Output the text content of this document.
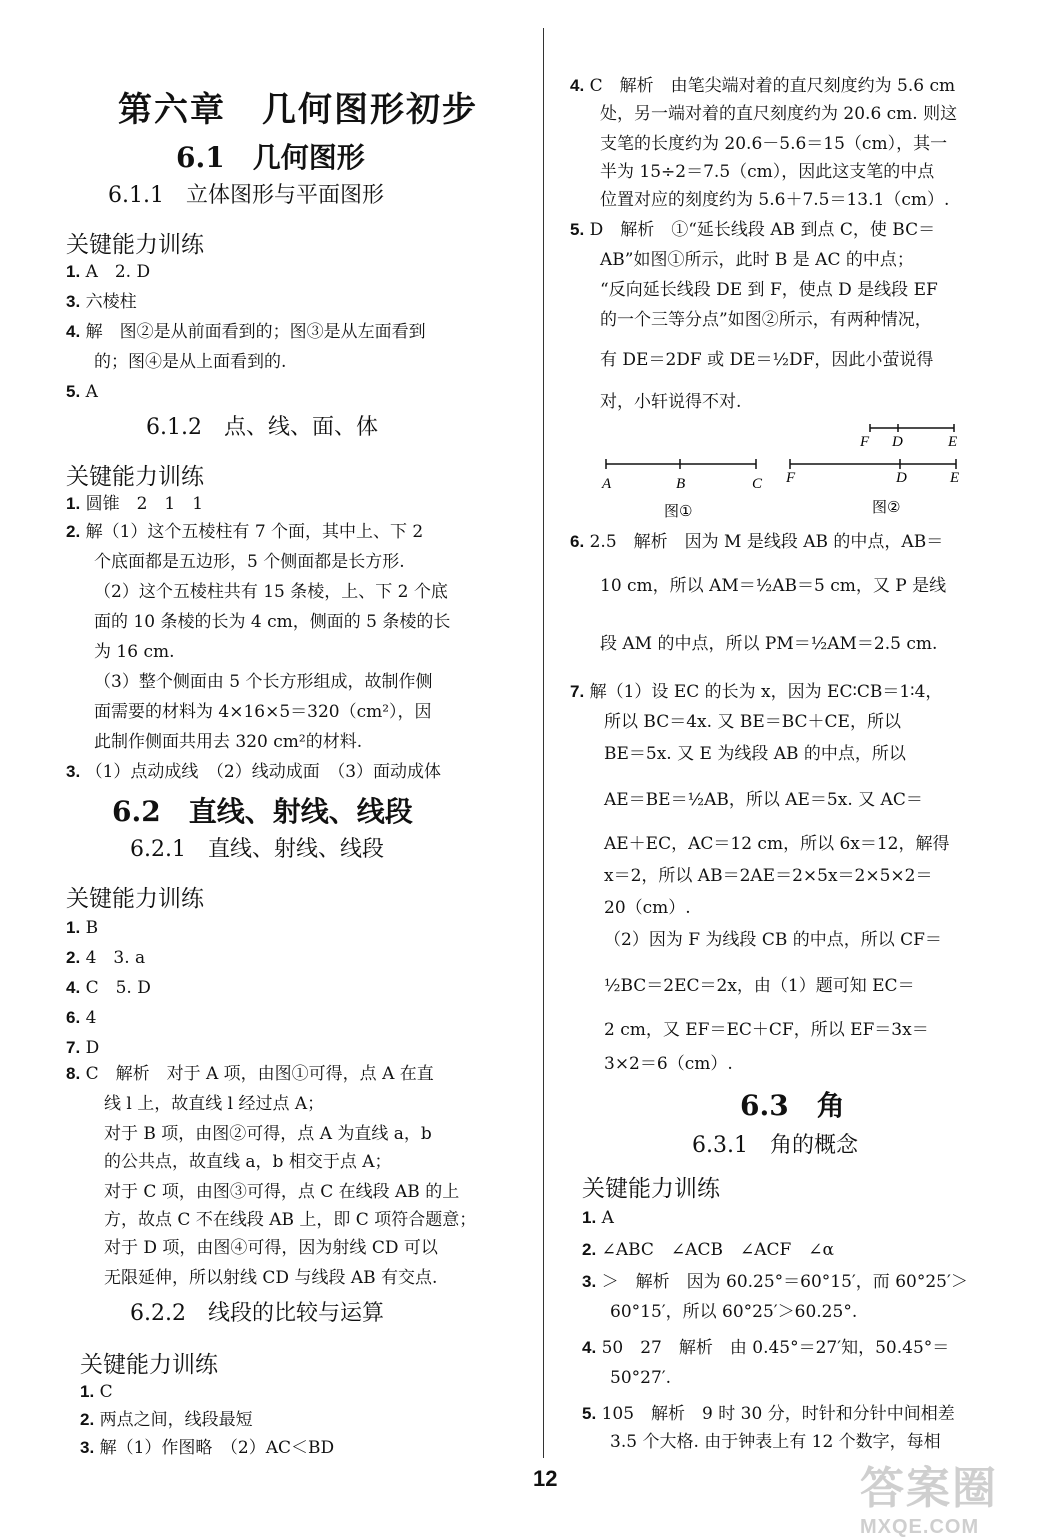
第六章　几何图形初步
6.1　几何图形
6.1.1　立体图形与平面图形
关键能力训练
1. A　2. D
3. 六棱柱
4. 解　图②是从前面看到的；图③是从左面看到
的；图④是从上面看到的.
5. A
6.1.2　点、线、面、体
关键能力训练
1. 圆锥　2　1　1
2. 解（1）这个五棱柱有 7 个面，其中上、下 2
个底面都是五边形，5 个侧面都是长方形.
（2）这个五棱柱共有 15 条棱，上、下 2 个底
面的 10 条棱的长为 4 cm，侧面的 5 条棱的长
为 16 cm.
（3）整个侧面由 5 个长方形组成，故制作侧
面需要的材料为 4×16×5＝320（cm²），因
此制作侧面共用去 320 cm²的材料.
3. （1）点动成线　（2）线动成面　（3）面动成体
6.2　直线、射线、线段
6.2.1　直线、射线、线段
关键能力训练
1. B
2. 4　3. a
4. C　5. D
6. 4
7. D
8. C　解析　对于 A 项，由图①可得，点 A 在直
线 l 上，故直线 l 经过点 A；
对于 B 项，由图②可得，点 A 为直线 a，b
的公共点，故直线 a，b 相交于点 A；
对于 C 项，由图③可得，点 C 在线段 AB 的上
方，故点 C 不在线段 AB 上，即 C 项符合题意；
对于 D 项，由图④可得，因为射线 CD 可以
无限延伸，所以射线 CD 与线段 AB 有交点.
6.2.2　线段的比较与运算
关键能力训练
1. C
2. 两点之间，线段最短
3. 解（1）作图略　（2）AC＜BD
4. C　解析　由笔尖端对着的直尺刻度约为 5.6 cm
处，另一端对着的直尺刻度约为 20.6 cm. 则这
支笔的长度约为 20.6－5.6＝15（cm），其一
半为 15÷2＝7.5（cm），因此这支笔的中点
位置对应的刻度约为 5.6＋7.5＝13.1（cm）.
5. D　解析　①“延长线段 AB 到点 C，使 BC＝
AB”如图①所示，此时 B 是 AC 的中点；
“反向延长线段 DE 到 F，使点 D 是线段 EF
的一个三等分点”如图②所示，有两种情况，
有 DE＝2DF 或 DE＝½DF，因此小萤说得
对，小轩说得不对.
6. 2.5　解析　因为 M 是线段 AB 的中点，AB＝
10 cm，所以 AM＝½AB＝5 cm，又 P 是线
段 AM 的中点，所以 PM＝½AM＝2.5 cm.
7. 解（1）设 EC 的长为 x，因为 EC∶CB＝1∶4，
所以 BC＝4x. 又 BE＝BC＋CE，所以
BE＝5x. 又 E 为线段 AB 的中点，所以
AE＝BE＝½AB，所以 AE＝5x. 又 AC＝
AE＋EC，AC＝12 cm，所以 6x＝12，解得
x＝2，所以 AB＝2AE＝2×5x＝2×5×2＝
20（cm）.
（2）因为 F 为线段 CB 的中点，所以 CF＝
½BC＝2EC＝2x，由（1）题可知 EC＝
2 cm，又 EF＝EC＋CF，所以 EF＝3x＝
3×2＝6（cm）.
6.3　角
6.3.1　角的概念
关键能力训练
1. A
2. ∠ABC　∠ACB　∠ACF　∠α
3. ＞　解析　因为 60.25°＝60°15′，而 60°25′＞
60°15′，所以 60°25′＞60.25°.
4. 50　27　解析　由 0.45°＝27′知，50.45°＝
50°27′.
5. 105　解析　9 时 30 分，时针和分针中间相差
3.5 个大格. 由于钟表上有 12 个数字，每相
A	B	C
F D	E
F	D	E
图①	图②
12	答案圈
MXQE.COM
